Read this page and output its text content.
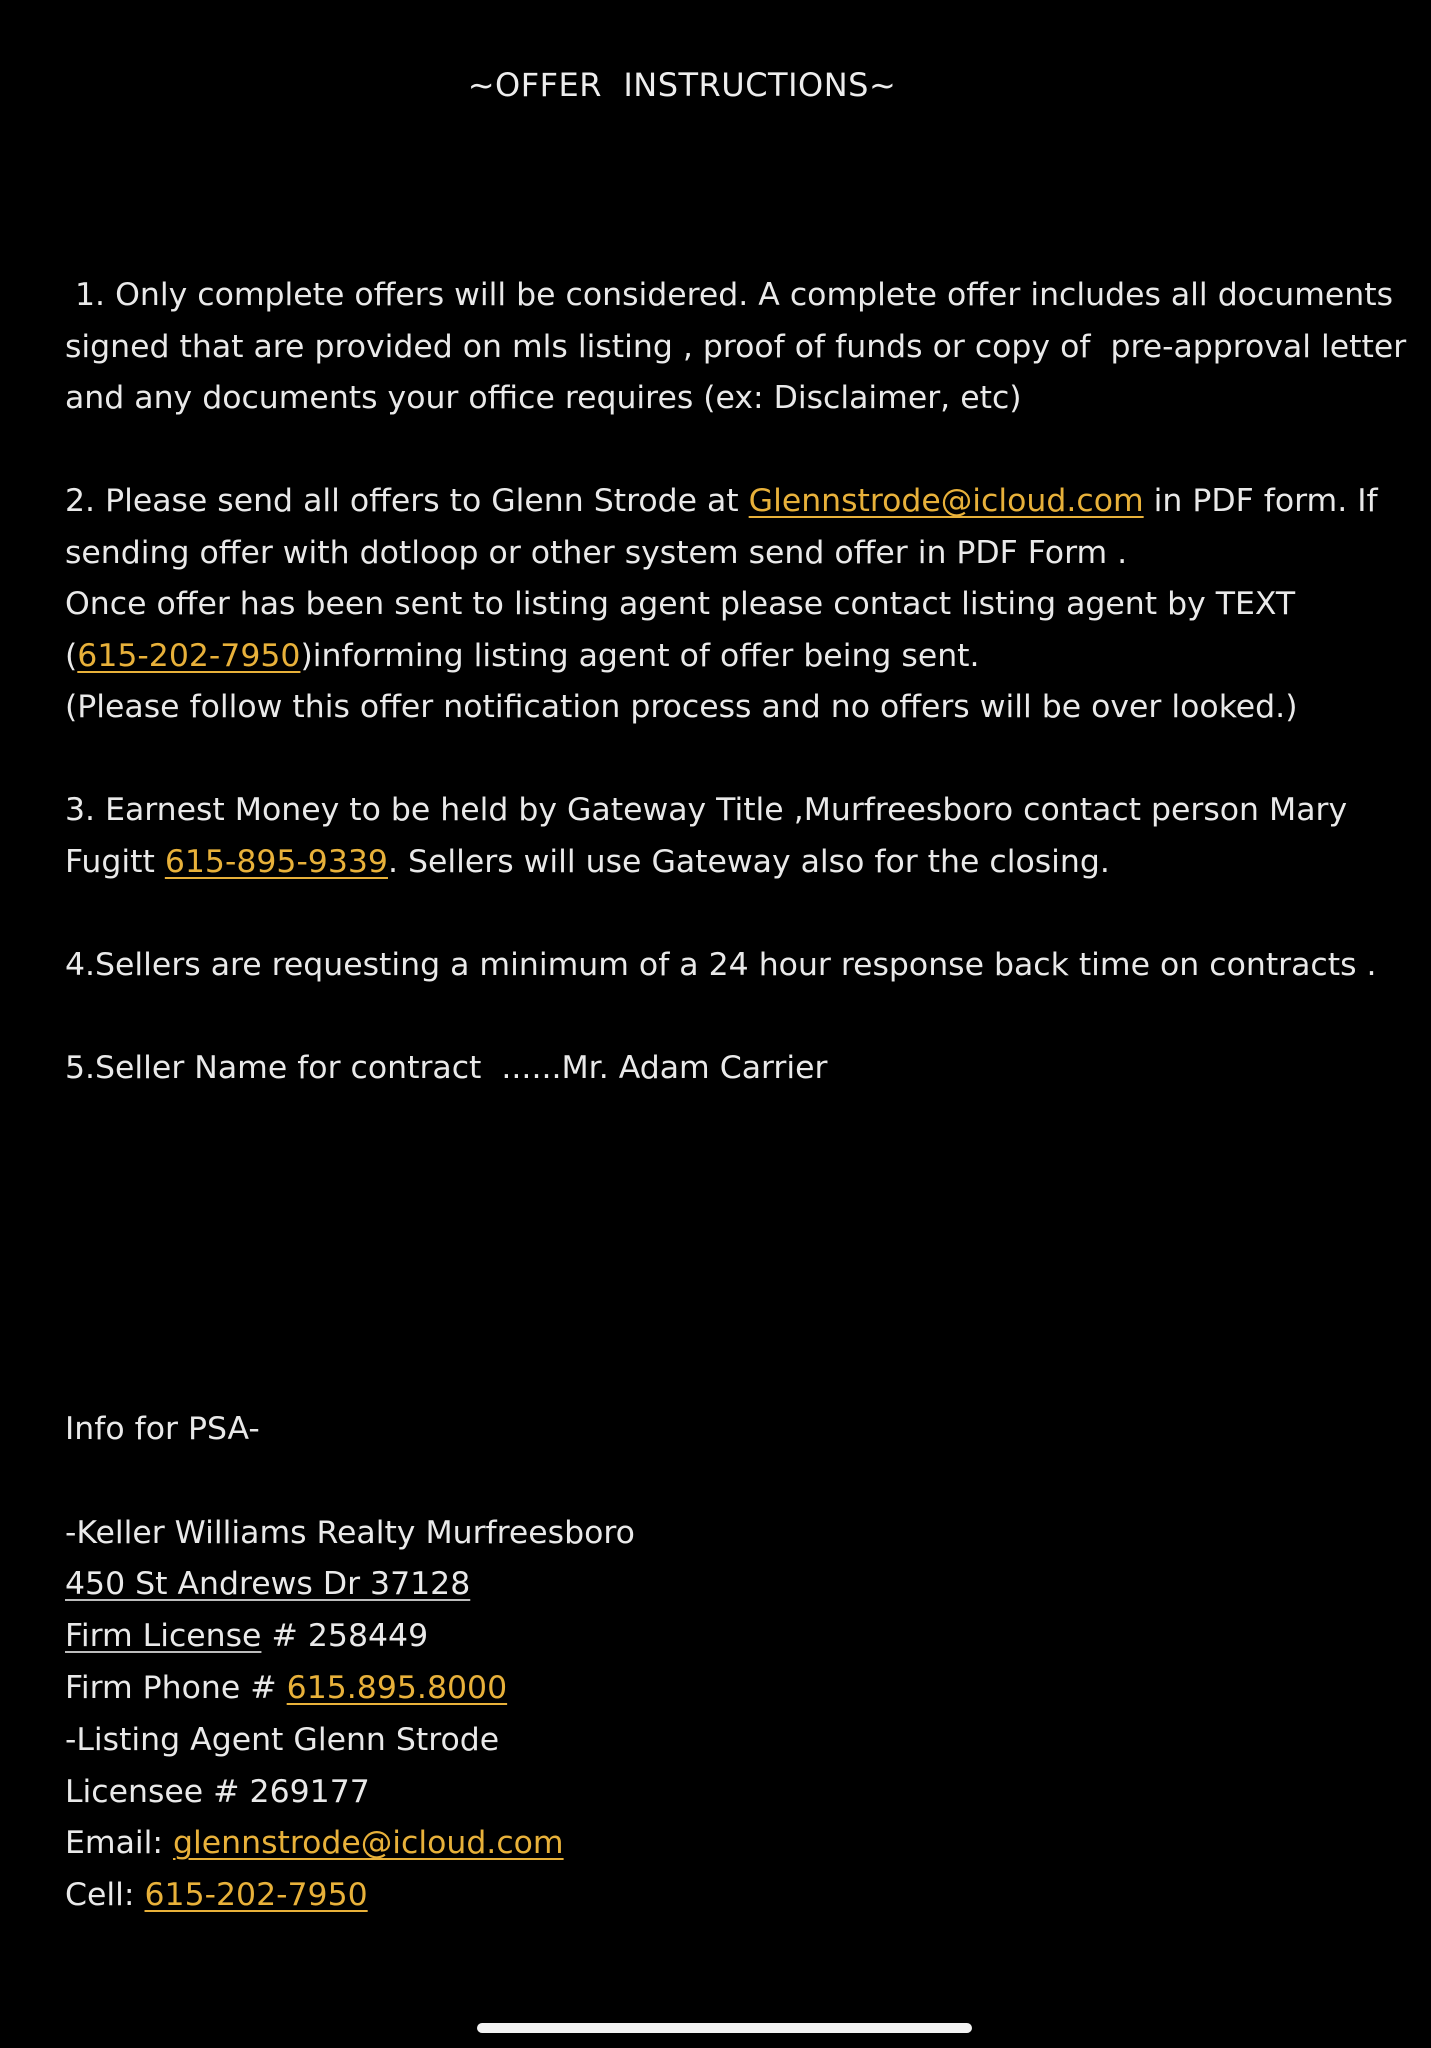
~OFFER  INSTRUCTIONS~
1. Only complete offers will be considered. A complete offer includes all documents
signed that are provided on mls listing , proof of funds or copy of  pre-approval letter
and any documents your office requires (ex: Disclaimer, etc)
2. Please send all offers to Glenn Strode at Glennstrode@icloud.com in PDF form. If
sending offer with dotloop or other system send offer in PDF Form .
Once offer has been sent to listing agent please contact listing agent by TEXT
(615-202-7950)informing listing agent of offer being sent.
(Please follow this offer notification process and no offers will be over looked.)
3. Earnest Money to be held by Gateway Title ,Murfreesboro contact person Mary
Fugitt 615-895-9339. Sellers will use Gateway also for the closing.
4.Sellers are requesting a minimum of a 24 hour response back time on contracts .
5.Seller Name for contract  ......Mr. Adam Carrier
Info for PSA-

-Keller Williams Realty Murfreesboro
450 St Andrews Dr 37128
Firm License # 258449
Firm Phone # 615.895.8000
-Listing Agent Glenn Strode
Licensee # 269177
Email: glennstrode@icloud.com
Cell: 615-202-7950
